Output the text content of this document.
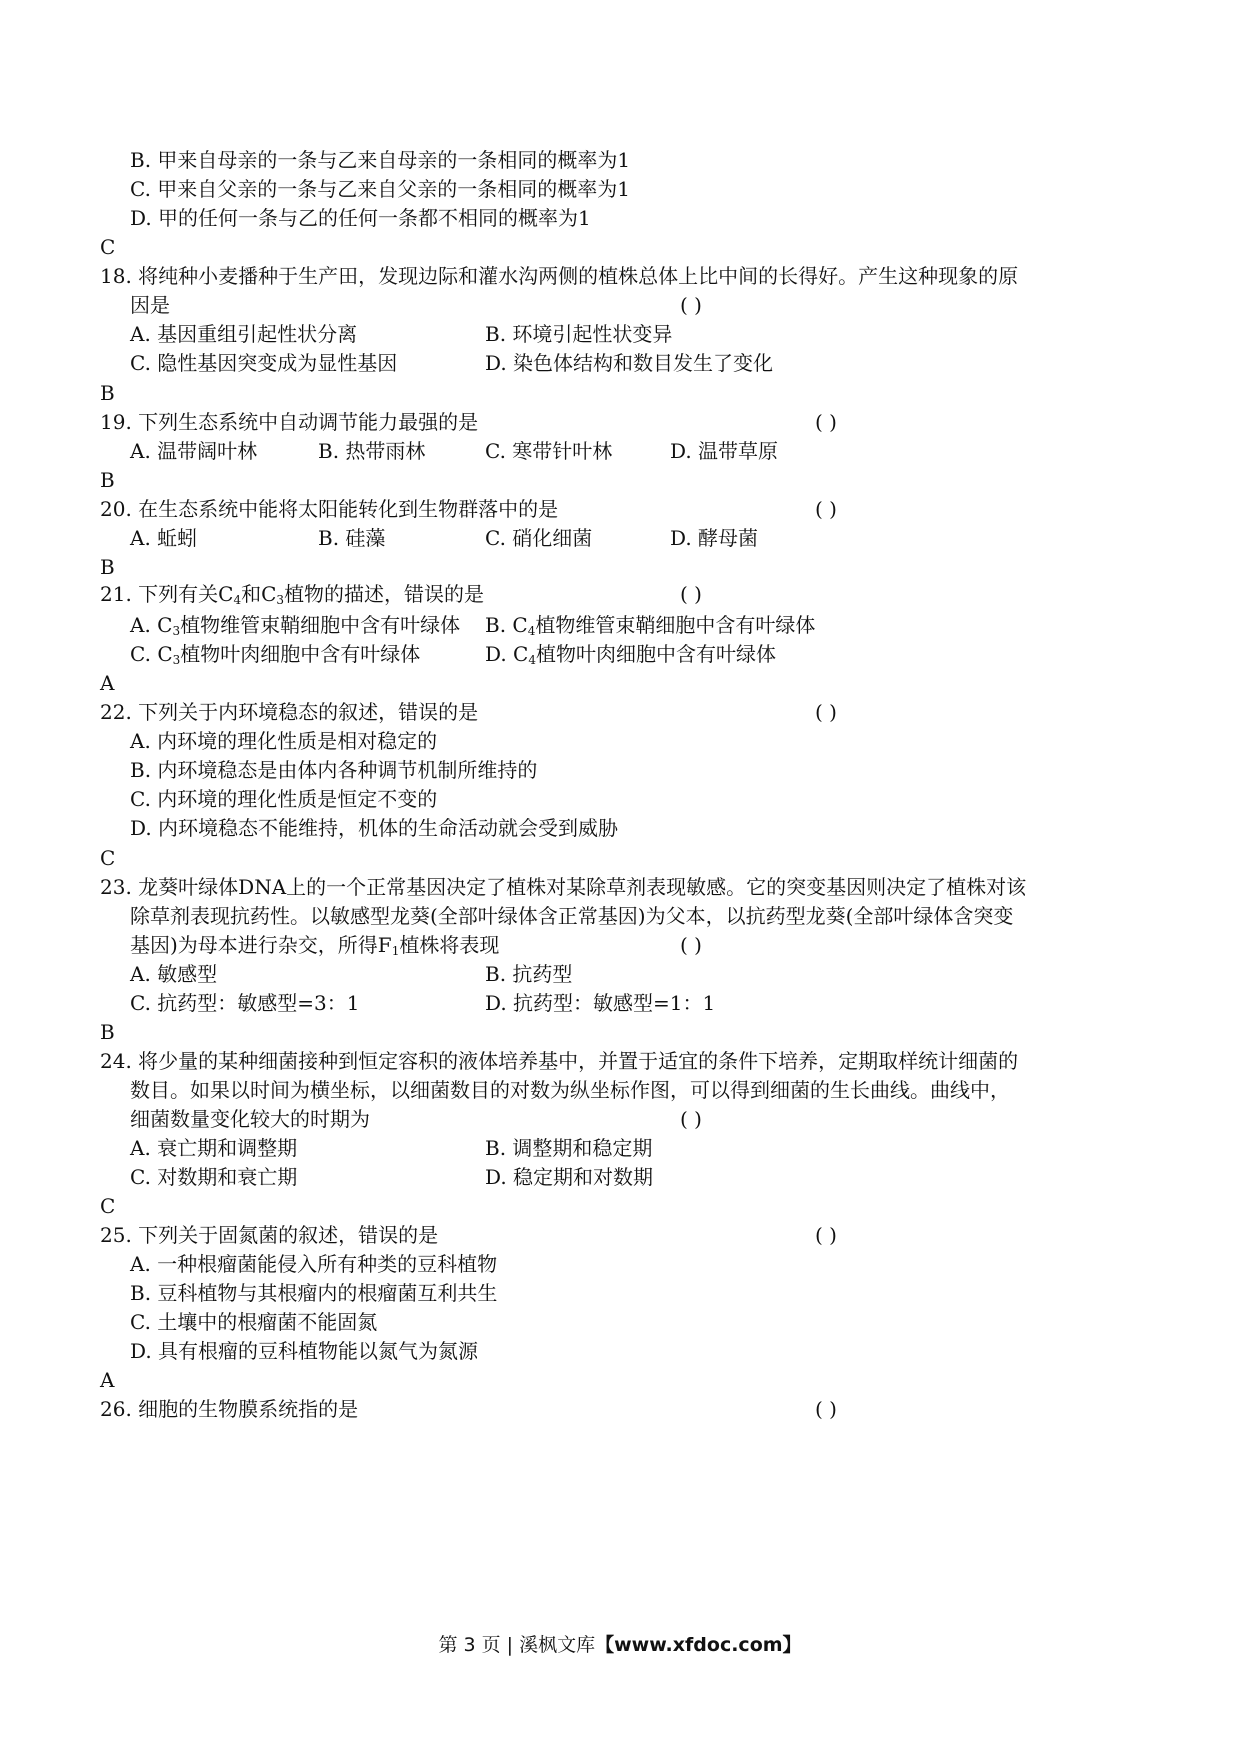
B. 甲来自母亲的一条与乙来自母亲的一条相同的概率为1
C. 甲来自父亲的一条与乙来自父亲的一条相同的概率为1
D. 甲的任何一条与乙的任何一条都不相同的概率为1
C
18. 将纯种小麦播种于生产田，发现边际和灌水沟两侧的植株总体上比中间的长得好。产生这种现象的原
因是	( )
A. 基因重组引起性状分离	B. 环境引起性状变异
C. 隐性基因突变成为显性基因	D. 染色体结构和数目发生了变化
B
19. 下列生态系统中自动调节能力最强的是	( )
A. 温带阔叶林	B. 热带雨林	C. 寒带针叶林	D. 温带草原
B
20. 在生态系统中能将太阳能转化到生物群落中的是	( )
A. 蚯蚓	B. 硅藻	C. 硝化细菌	D. 酵母菌
B
21. 下列有关$C_4$和$C_3$植物的描述，错误的是	( )
A. $C_3$植物维管束鞘细胞中含有叶绿体 B. $C_4$植物维管束鞘细胞中含有叶绿体
C. $C_3$植物叶肉细胞中含有叶绿体	D. $C_4$植物叶肉细胞中含有叶绿体
A
22. 下列关于内环境稳态的叙述，错误的是	( )
A. 内环境的理化性质是相对稳定的
B. 内环境稳态是由体内各种调节机制所维持的
C. 内环境的理化性质是恒定不变的
D. 内环境稳态不能维持，机体的生命活动就会受到威胁
C
23. 龙葵叶绿体DNA上的一个正常基因决定了植株对某除草剂表现敏感。它的突变基因则决定了植株对该
除草剂表现抗药性。以敏感型龙葵(全部叶绿体含正常基因)为父本，以抗药型龙葵(全部叶绿体含突变
基因)为母本进行杂交，所得$F_1$植株将表现	( )
A. 敏感型	B. 抗药型
C. 抗药型：敏感型=3：1	D. 抗药型：敏感型=1：1
B
24. 将少量的某种细菌接种到恒定容积的液体培养基中，并置于适宜的条件下培养，定期取样统计细菌的
数目。如果以时间为横坐标，以细菌数目的对数为纵坐标作图，可以得到细菌的生长曲线。曲线中，
细菌数量变化较大的时期为	( )
A. 衰亡期和调整期	B. 调整期和稳定期
C. 对数期和衰亡期	D. 稳定期和对数期
C
25. 下列关于固氮菌的叙述，错误的是	( )
A. 一种根瘤菌能侵入所有种类的豆科植物
B. 豆科植物与其根瘤内的根瘤菌互利共生
C. 土壤中的根瘤菌不能固氮
D. 具有根瘤的豆科植物能以氮气为氮源
A
26. 细胞的生物膜系统指的是	( )
第 3 页 | 溪枫文库【www.xfdoc.com】
